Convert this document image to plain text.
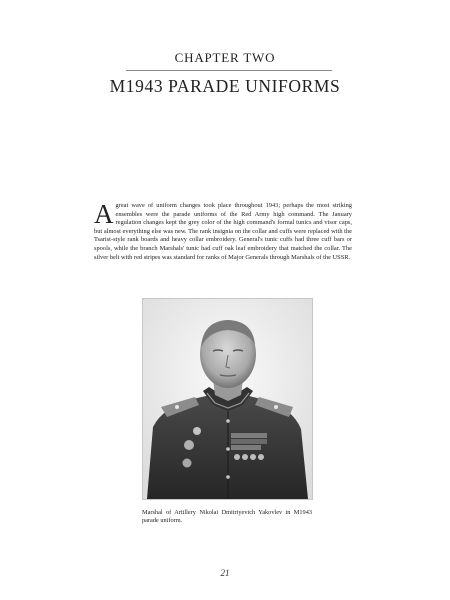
CHAPTER TWO
M1943 PARADE UNIFORMS

Agreat wave of uniform changes took place throughout 1943; perhaps the most striking ensembles were the parade uniforms of the Red Army high command. The January regulation changes kept the grey color of the high command's formal tunics and visor caps, but almost everything else was new. The rank insignia on the collar and cuffs were replaced with the Tsarist-style rank boards and heavy collar embroidery. General's tunic cuffs had three cuff bars or spools, while the branch Marshals' tunic had cuff oak leaf embroidery that matched the collar. The silver belt with red stripes was standard for ranks of Major Generals through Marshals of the USSR.

Marshal of Artillery Nikolai Dmitriyevich Yakovlev in M1943 parade uniform.

21
